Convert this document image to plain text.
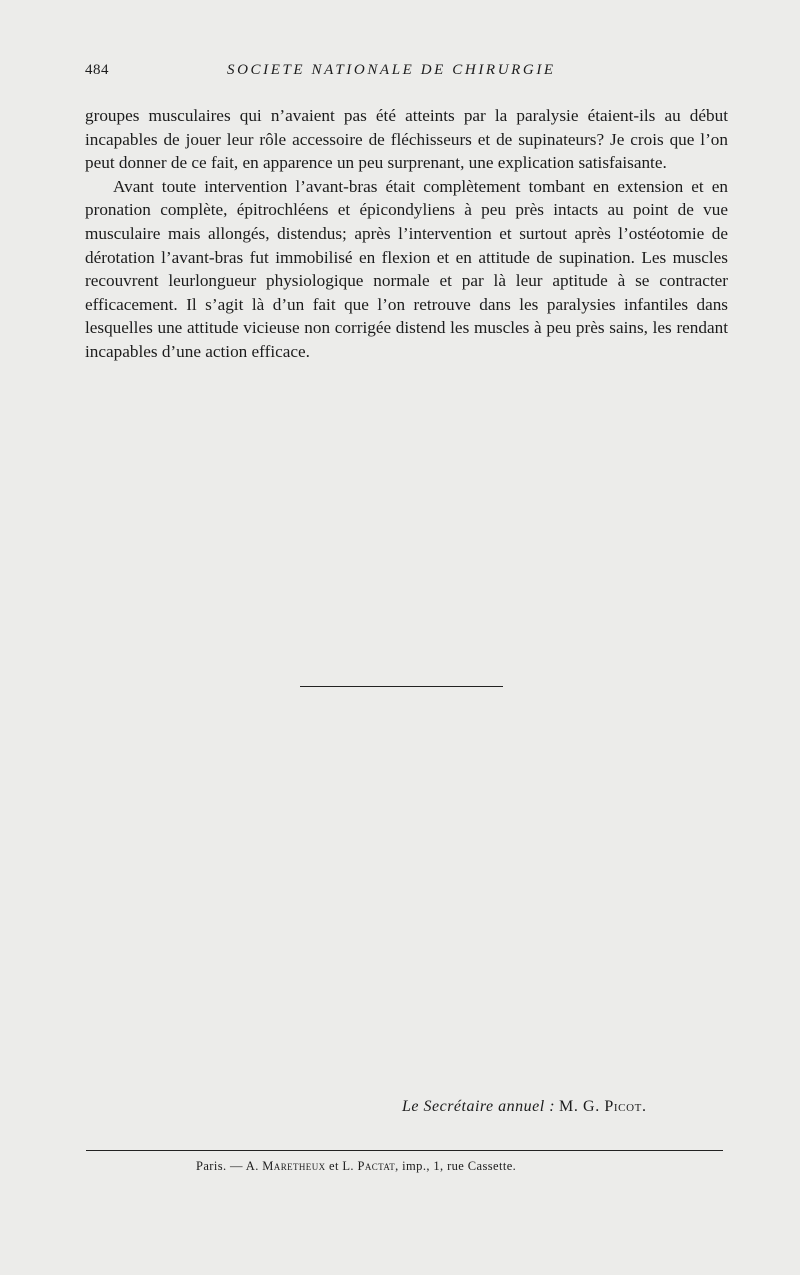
484	SOCIETE NATIONALE DE CHIRURGIE

groupes musculaires qui n’avaient pas été atteints par la paralysie étaient-ils au début incapables de jouer leur rôle accessoire de fléchisseurs et de supinateurs? Je crois que l’on peut donner de ce fait, en apparence un peu surprenant, une explication satisfaisante.

Avant toute intervention l’avant-bras était complètement tombant en extension et en pronation complète, épitrochléens et épicondyliens à peu près intacts au point de vue musculaire mais allongés, distendus; après l’intervention et surtout après l’ostéotomie de dérotation l’avant-bras fut immobilisé en flexion et en attitude de supination. Les muscles recouvrent leurlongueur physiologique normale et par là leur aptitude à se contracter efficacement. Il s’agit là d’un fait que l’on retrouve dans les paralysies infantiles dans lesquelles une attitude vicieuse non corrigée distend les muscles à peu près sains, les rendant incapables d’une action efficace.

Le Secrétaire annuel : M. G. Picot.
Paris. — A. Maretheux et L. Pactat, imp., 1, rue Cassette.
